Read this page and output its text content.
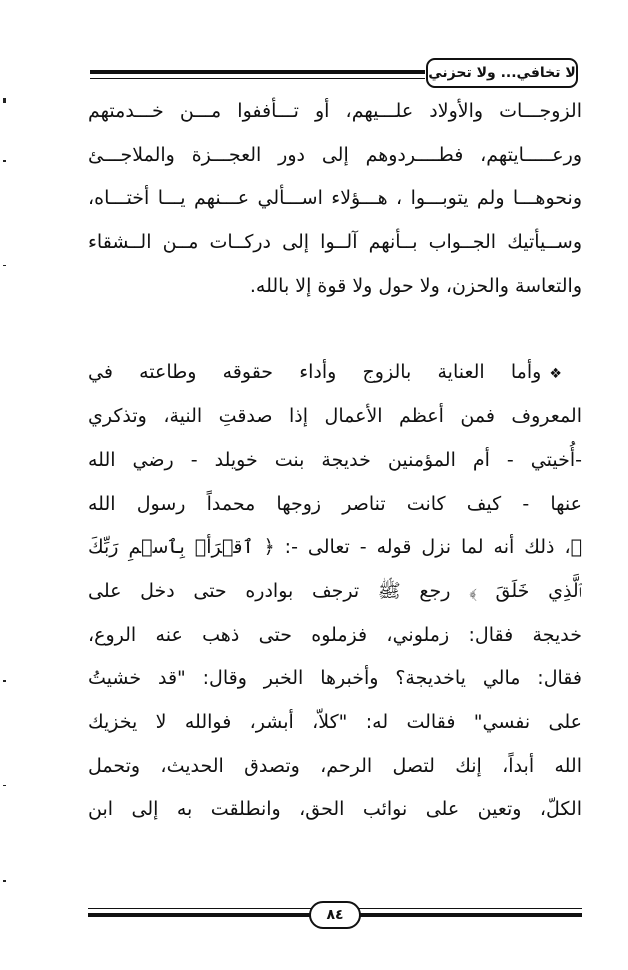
لا تخافي... ولا تحزني
الزوجـــات والأولاد علـــيهم، أو تـــأففوا مـــن خـــدمتهم
ورعـــــايتهم، فطــــردوهم إلى دور العجـــزة والملاجـــئ
ونحوهـــا ولم يتوبـــوا ، هـــؤلاء اســـألي عـــنهم يـــا أختـــاه،
وســيأتيك الجــواب بــأنهم آلــوا إلى دركــات مــن الــشقاء
والتعاسة والحزن، ولا حول ولا قوة إلا بالله.
❖وأما العناية بالزوج وأداء حقوقه وطاعته في
المعروف فمن أعظم الأعمال إذا صدقتِ النية، وتذكري
-أُخيتي - أم المؤمنين خديجة بنت خويلد - رضي الله
عنها - كيف كانت تناصر زوجها محمداً رسول الله
ﷺ، ذلك أنه لما نزل قوله - تعالى -: ﴿ ٱقۡرَأۡ بِٱسۡمِ رَبِّكَ
ٱلَّذِي خَلَقَ ﴾ رجع ﷺ ترجف بوادره حتى دخل على
خديجة فقال: زملوني، فزملوه حتى ذهب عنه الروع،
فقال: مالي ياخديجة؟ وأخبرها الخبر وقال: "قد خشيتُ
على نفسي" فقالت له: "كلاّ، أبشر، فوالله لا يخزيك
الله أبداً، إنك لتصل الرحم، وتصدق الحديث، وتحمل
الكلّ، وتعين على نوائب الحق، وانطلقت به إلى ابن
٨٤
